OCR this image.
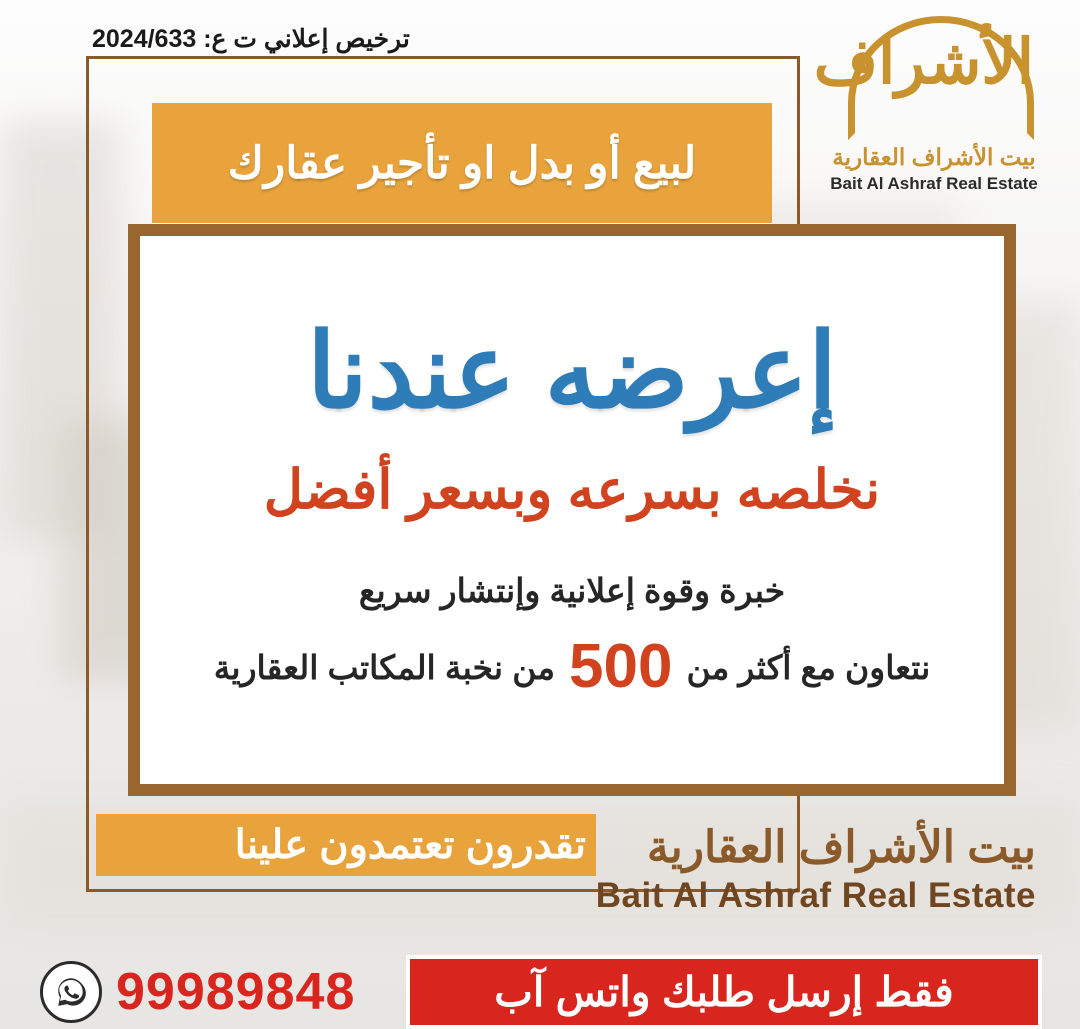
ترخيص إعلاني ت ع: 2024/633	الأشراف
بيت الأشراف العقارية
Bait Al Ashraf Real Estate
لبيع أو بدل او تأجير عقارك
إعرضه عندنا
نخلصه بسرعه وبسعر أفضل
خبرة وقوة إعلانية وإنتشار سريع
نتعاون مع أكثر من
500
من نخبة المكاتب العقارية
تقدرون تعتمدون علينا	بيت الأشراف العقارية
Bait Al Ashraf Real Estate
فقط إرسل طلبك واتس آب
99989848
